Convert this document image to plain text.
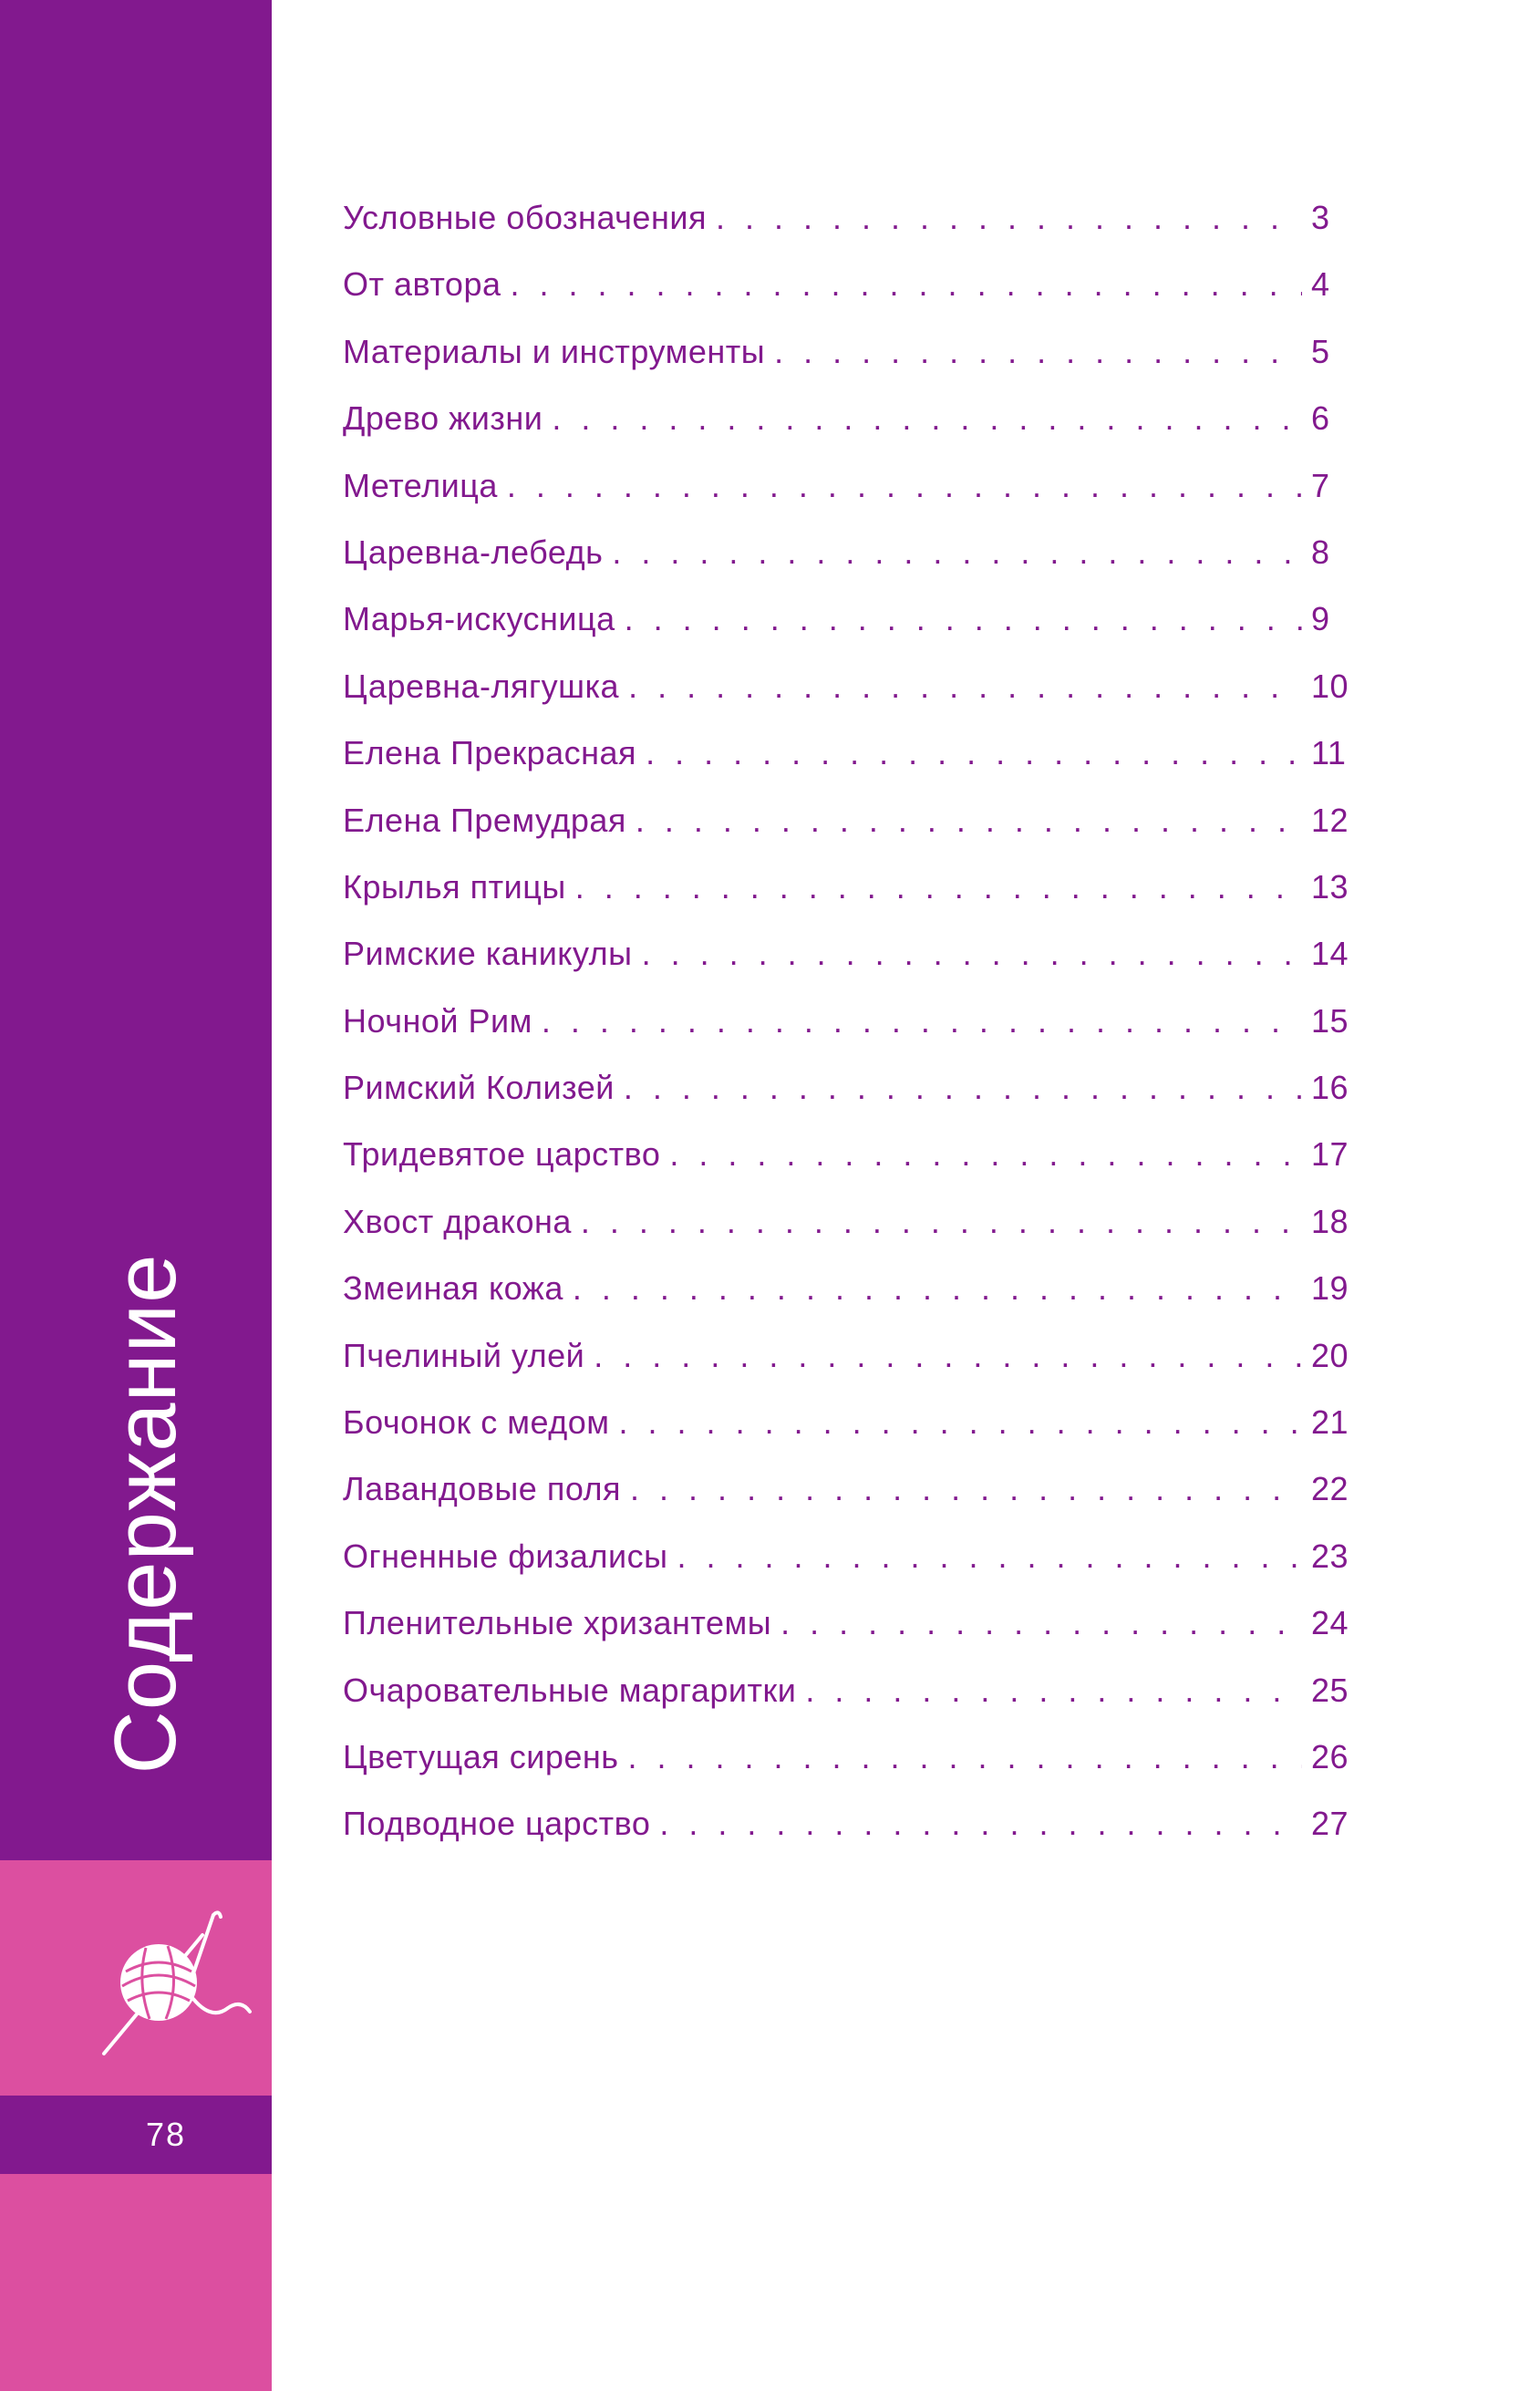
Содержание
78
Условные обозначения . . .	3
От автора . . .	4
Материалы и инструменты . . .	5
Древо жизни . . .	6
Метелица . . .	7
Царевна-лебедь . . .	8
Марья-искусница . . .	9
Царевна-лягушка . . .	10
Елена Прекрасная . . .	11
Елена Премудрая . . .	12
Крылья птицы . . .	13
Римские каникулы . . .	14
Ночной Рим . . .	15
Римский Колизей . . .	16
Тридевятое царство . . .	17
Хвост дракона . . .	18
Змеиная кожа . . .	19
Пчелиный улей . . .	20
Бочонок с медом . . .	21
Лавандовые поля . . .	22
Огненные физалисы . . .	23
Пленительные хризантемы . . .	24
Очаровательные маргаритки . . .	25
Цветущая сирень . . .	26
Подводное царство . . .	27
